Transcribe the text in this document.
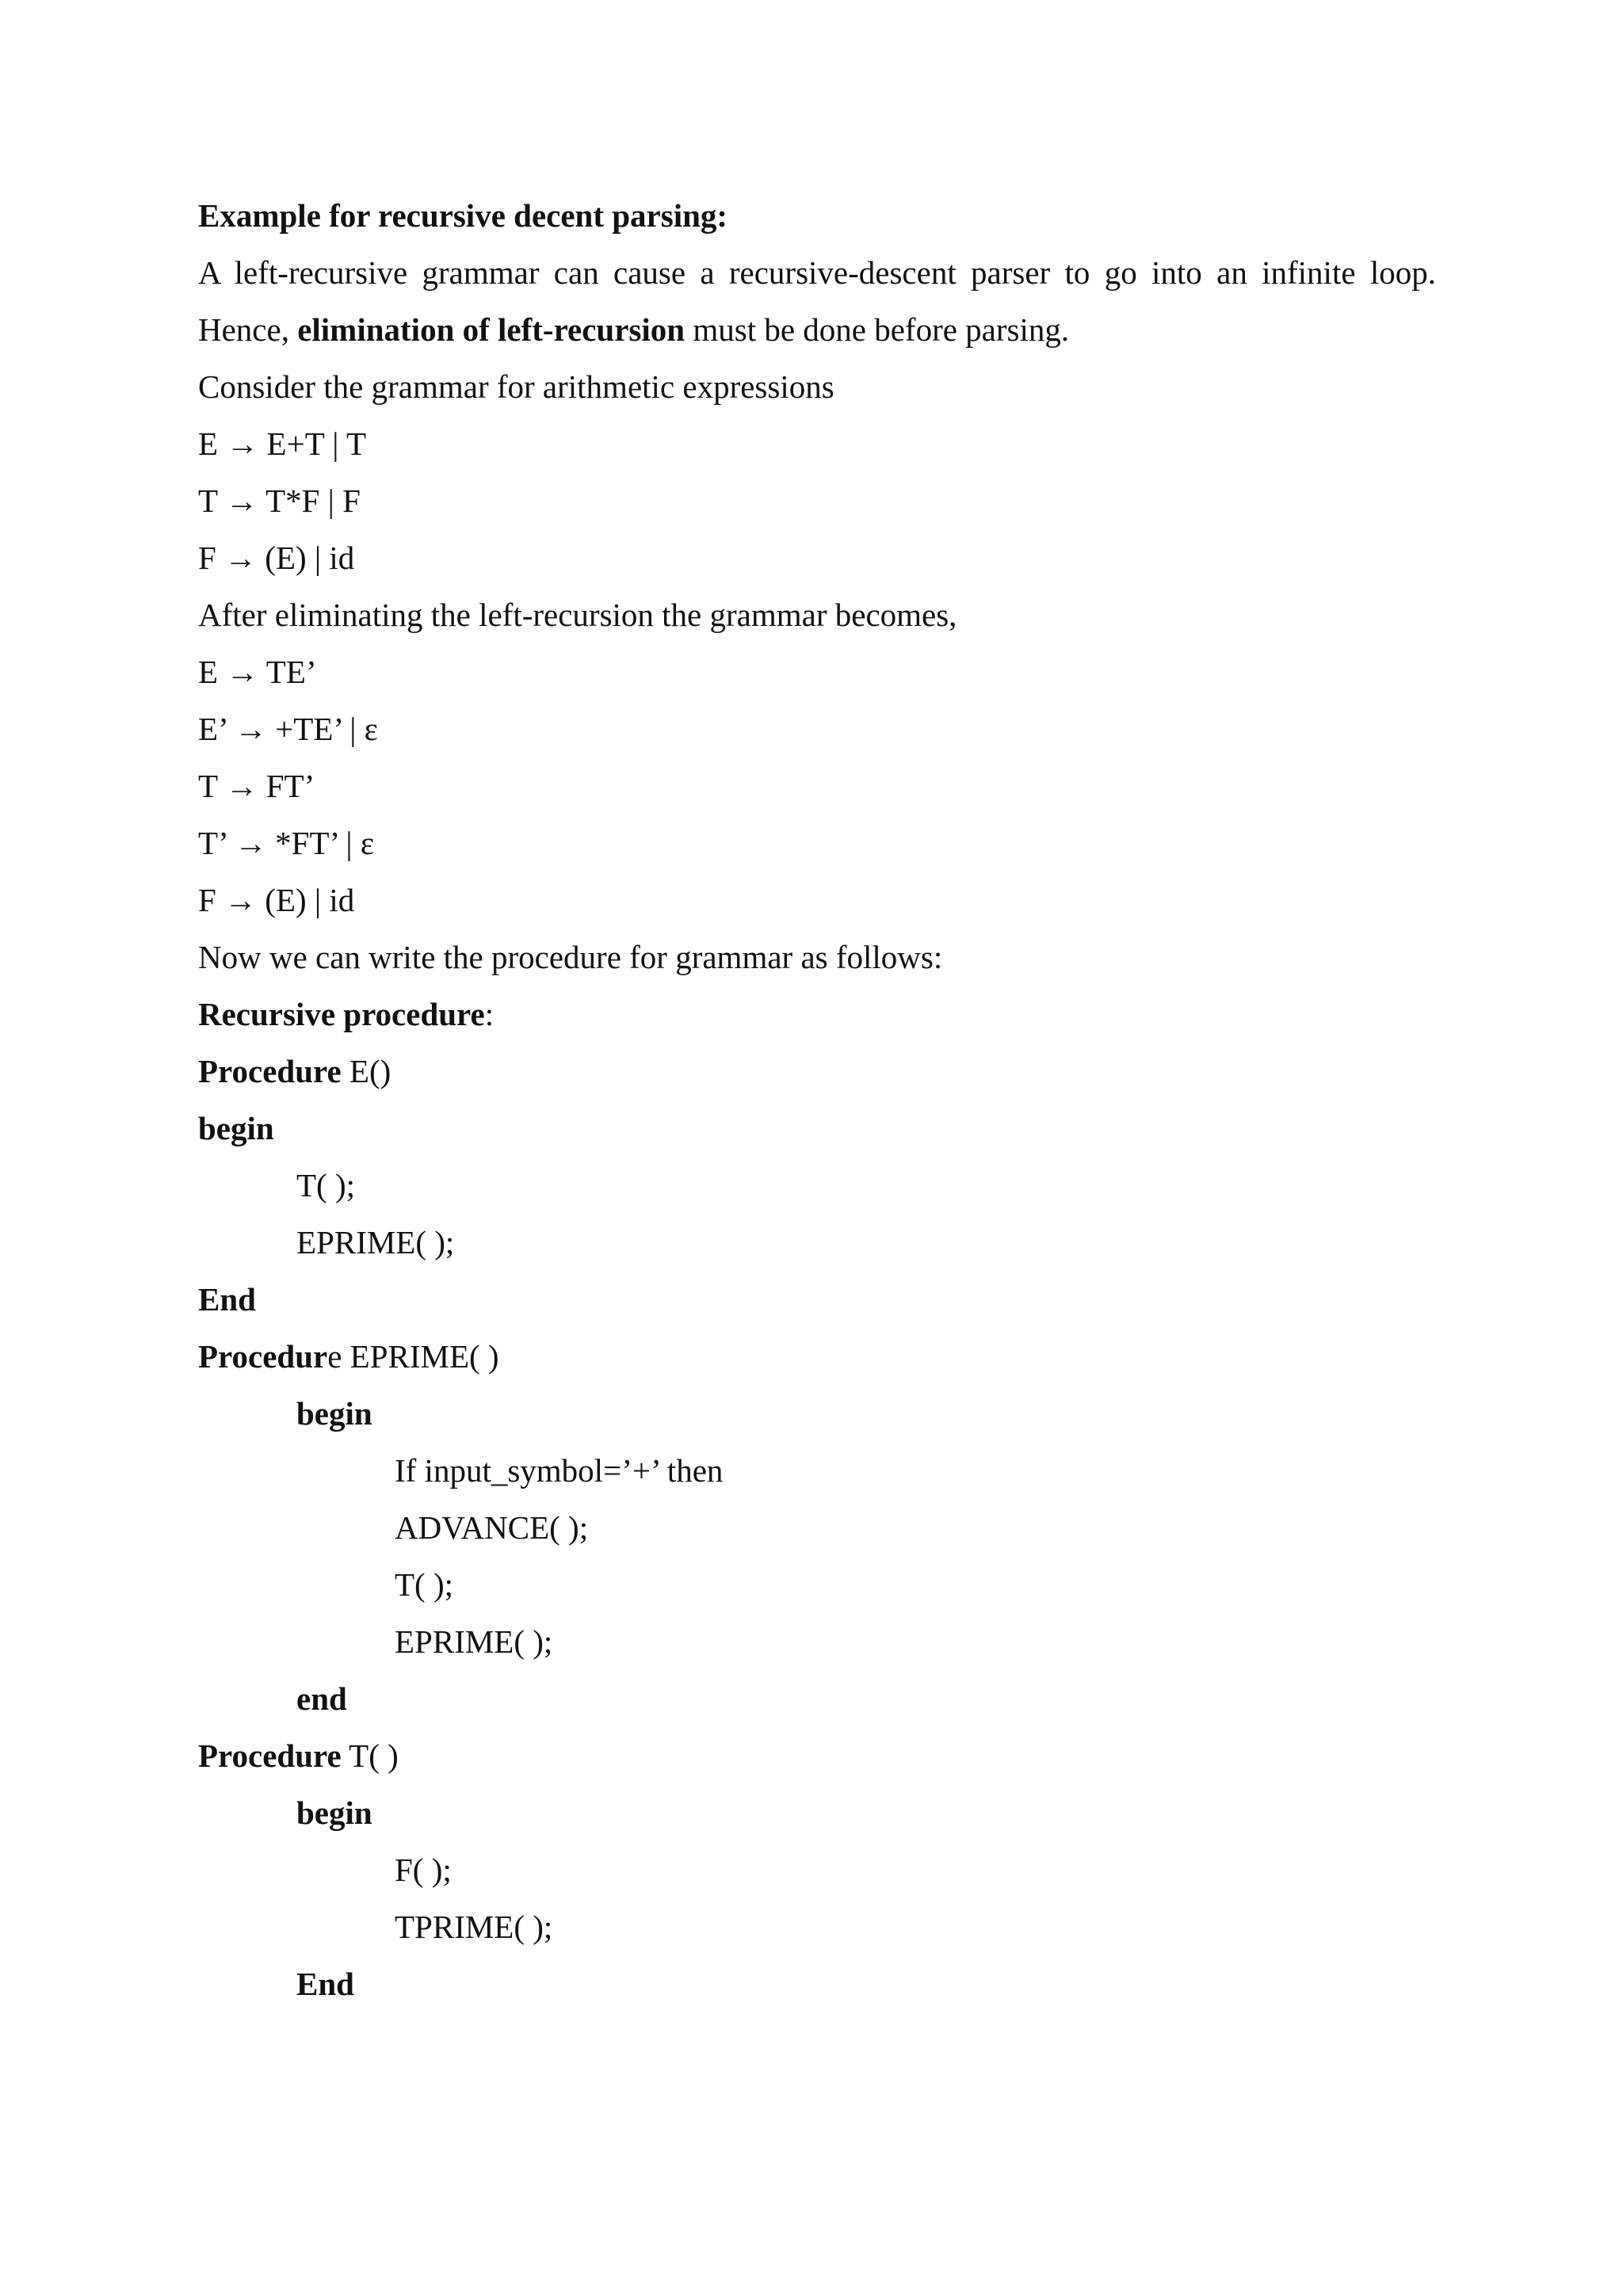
Example for recursive decent parsing:

A left-recursive grammar can cause a recursive-descent parser to go into an infinite loop.

Hence, elimination of left-recursion must be done before parsing.

Consider the grammar for arithmetic expressions

E → E+T | T

T → T*F | F

F → (E) | id

After eliminating the left-recursion the grammar becomes,

E → TE’

E’ → +TE’ | ε

T → FT’

T’ → *FT’ | ε

F → (E) | id

Now we can write the procedure for grammar as follows:

Recursive procedure:

Procedure E()

begin

T( );

EPRIME( );

End

Procedure EPRIME( )

begin

If input_symbol=’+’ then

ADVANCE( );

T( );

EPRIME( );

end

Procedure T( )

begin

F( );

TPRIME( );

End
